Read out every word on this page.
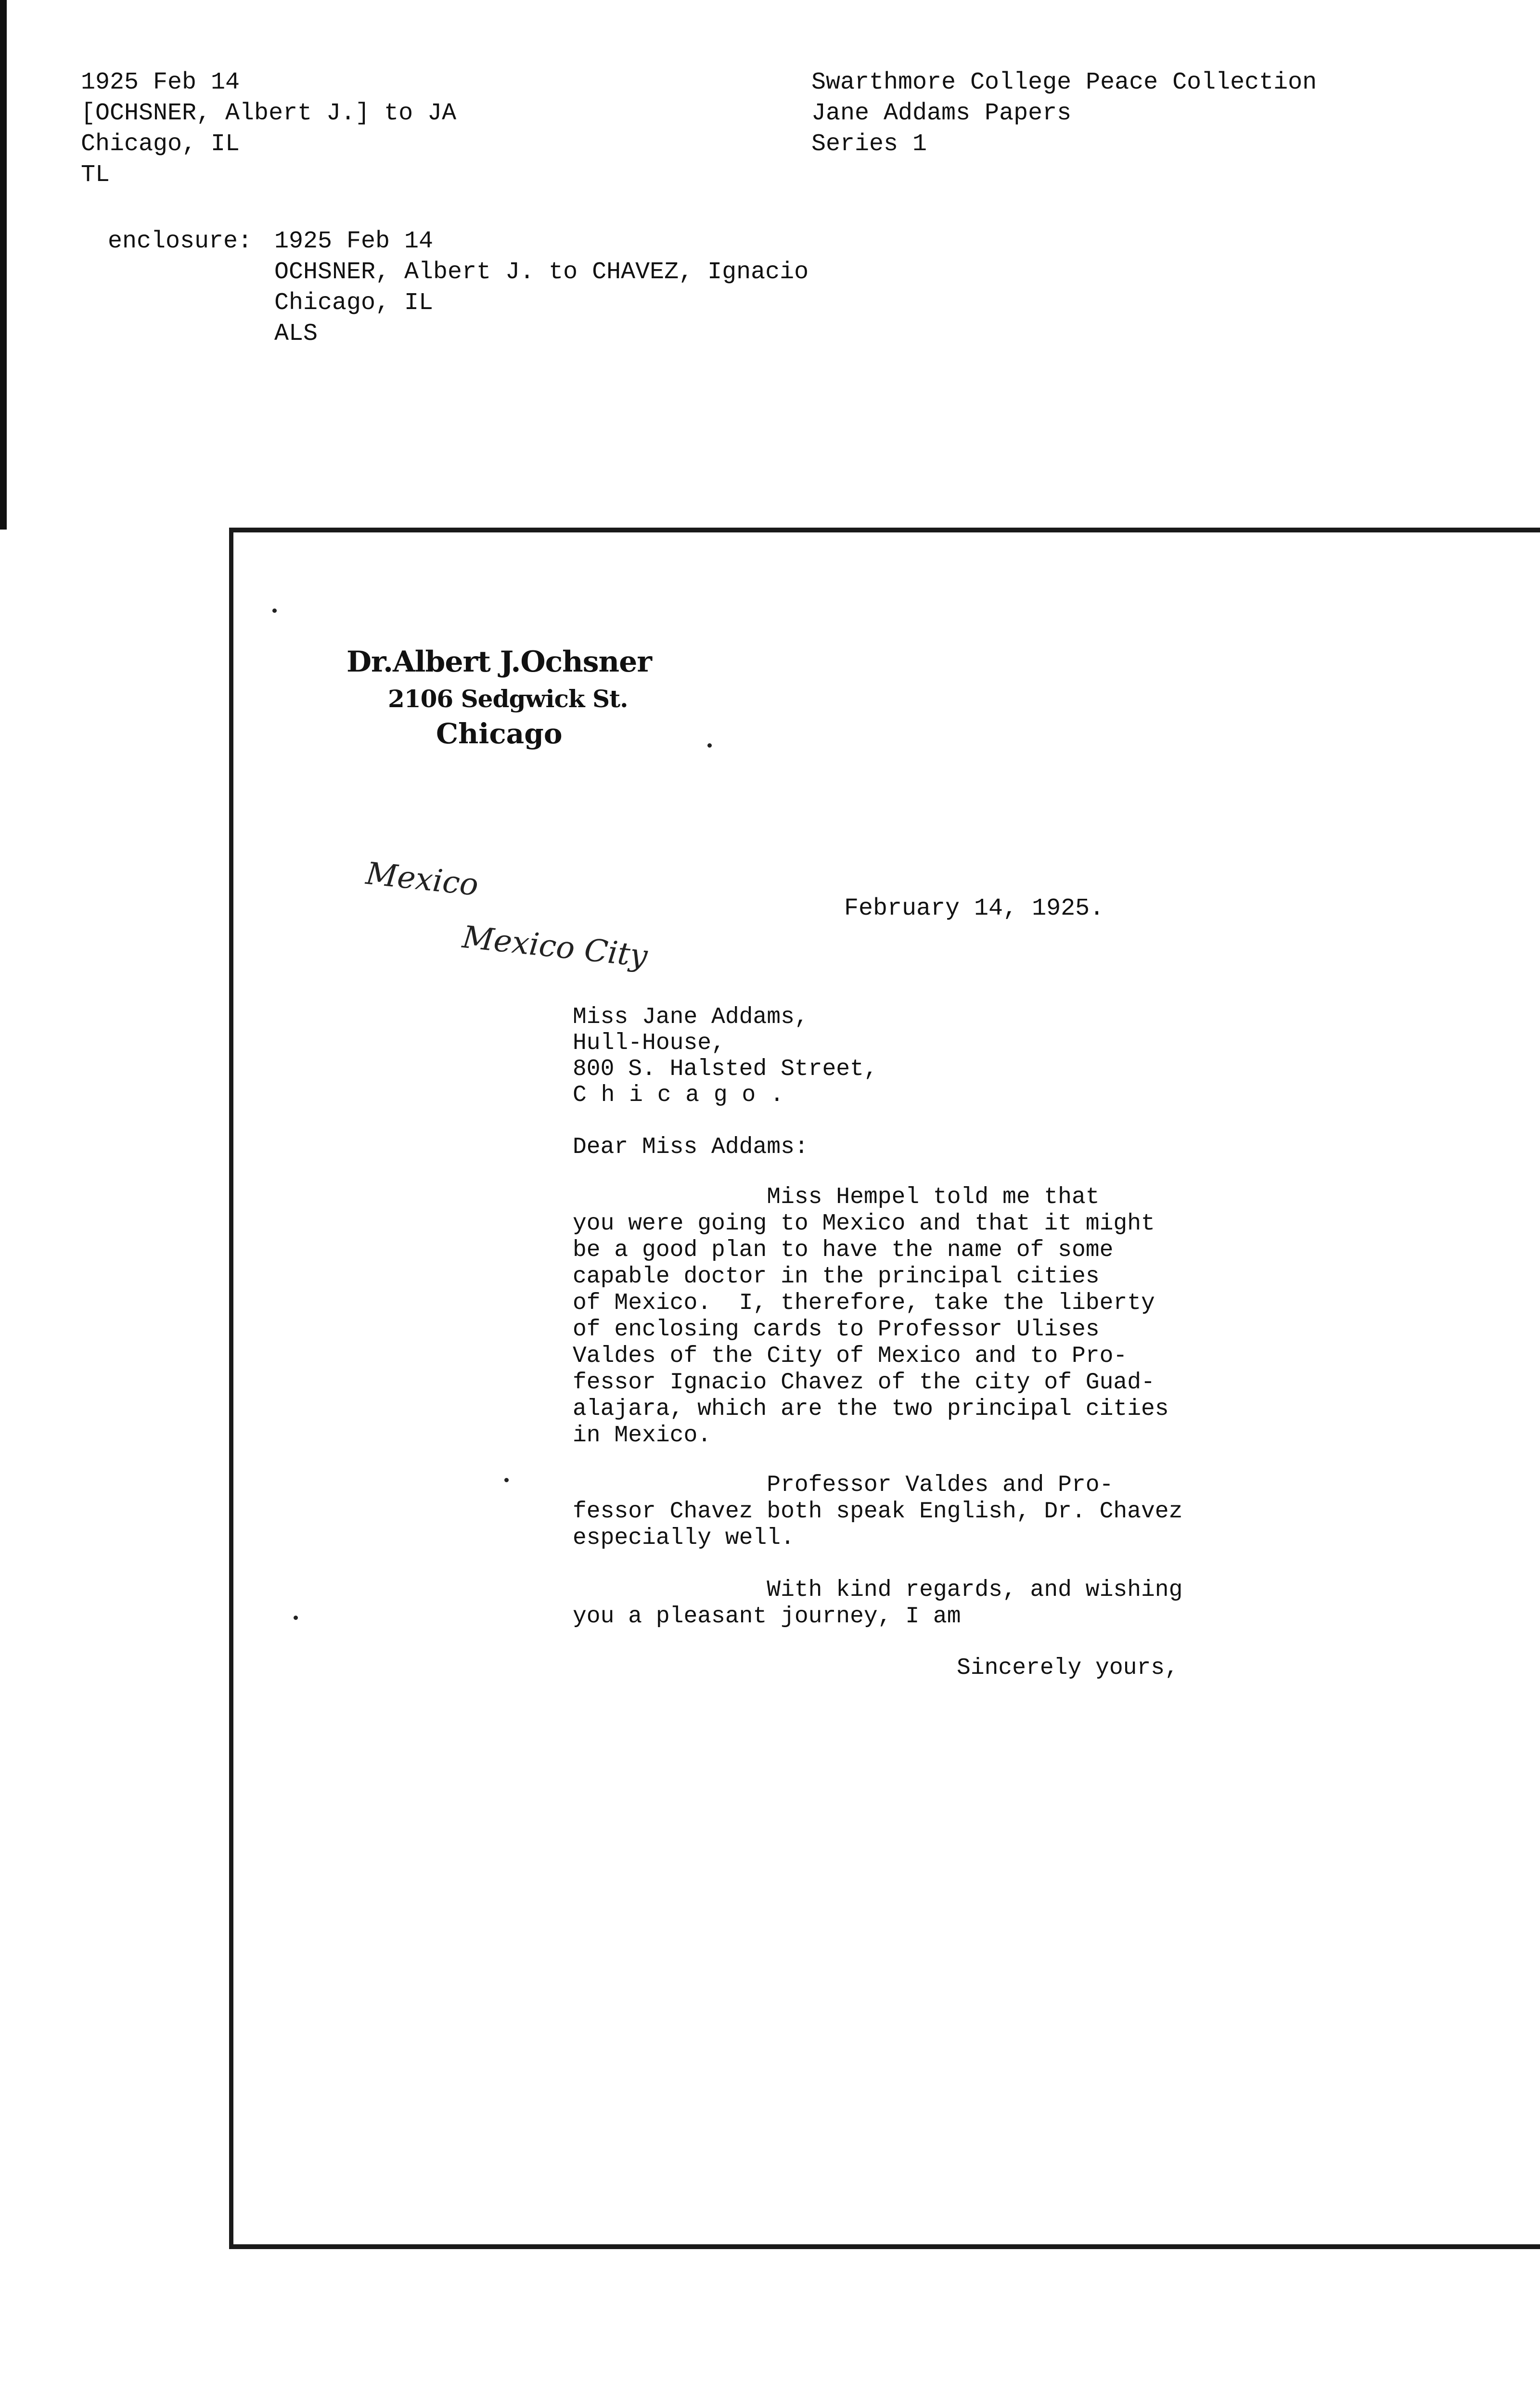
1925 Feb 14
[OCHSNER, Albert J.] to JA
Chicago, IL
TL
Swarthmore College Peace Collection
Jane Addams Papers
Series 1
enclosure: 1925 Feb 14
OCHSNER, Albert J. to CHAVEZ, Ignacio
Chicago, IL
ALS
Dr.Albert J.Ochsner
2106 Sedgwick St.
Chicago
Mexico
Mexico City
February 14, 1925.
Miss Jane Addams,
Hull-House,
800 S. Halsted Street,
Chicago.
Dear Miss Addams:
Miss Hempel told me that
you were going to Mexico and that it might
be a good plan to have the name of some
capable doctor in the principal cities
of Mexico.  I, therefore, take the liberty
of enclosing cards to Professor Ulises
Valdes of the City of Mexico and to Pro-
fessor Ignacio Chavez of the city of Guad-
alajara, which are the two principal cities
in Mexico.
Professor Valdes and Pro-
fessor Chavez both speak English, Dr. Chavez
especially well.
With kind regards, and wishing
you a pleasant journey, I am
Sincerely yours,
